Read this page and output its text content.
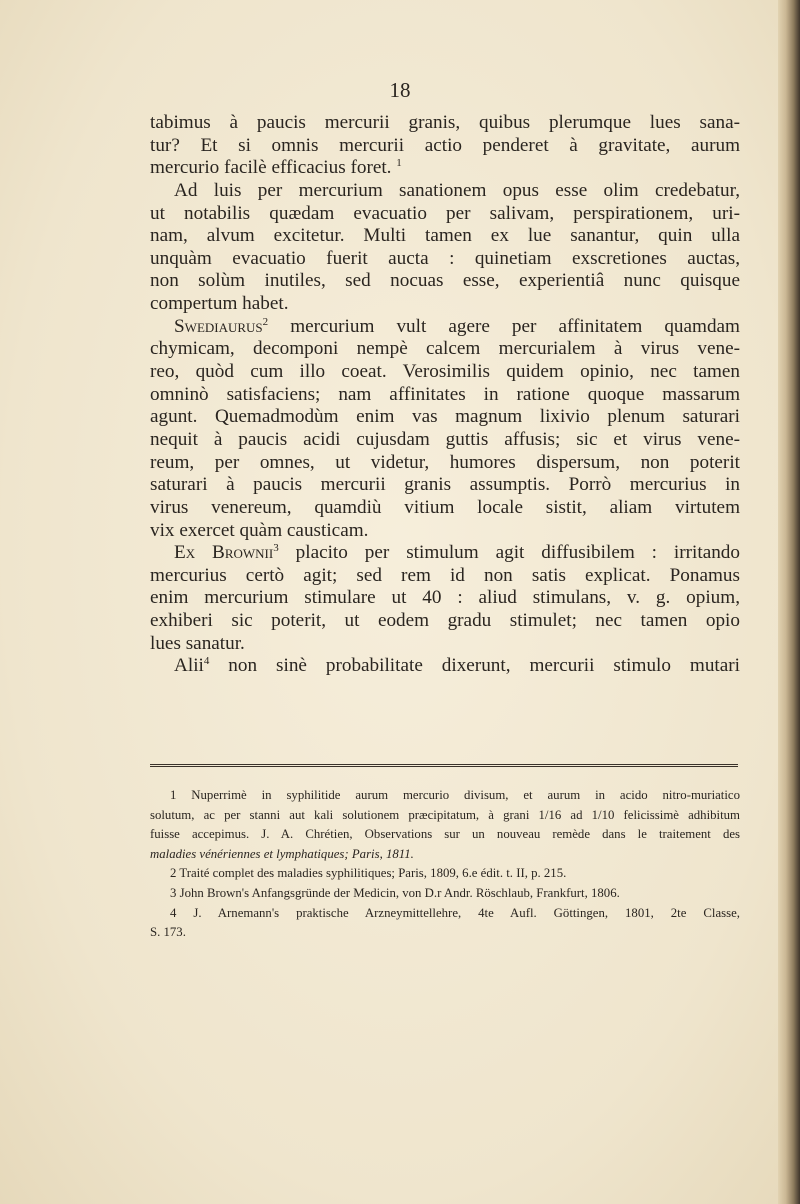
18
tabimus à paucis mercurii granis, quibus plerumque lues sana-
tur? Et si omnis mercurii actio penderet à gravitate, aurum
mercurio facilè efficacius foret. $^1$
Ad luis per mercurium sanationem opus esse olim credebatur,
ut notabilis quædam evacuatio per salivam, perspirationem, uri-
nam, alvum excitetur. Multi tamen ex lue sanantur, quin ulla
unquàm evacuatio fuerit aucta : quinetiam exscretiones auctas,
non solùm inutiles, sed nocuas esse, experientiâ nunc quisque
compertum habet.
Swediaurus$^2$ mercurium vult agere per affinitatem quamdam
chymicam, decomponi nempè calcem mercurialem à virus vene-
reo, quòd cum illo coeat. Verosimilis quidem opinio, nec tamen
omninò satisfaciens; nam affinitates in ratione quoque massarum
agunt. Quemadmodùm enim vas magnum lixivio plenum saturari
nequit à paucis acidi cujusdam guttis affusis; sic et virus vene-
reum, per omnes, ut videtur, humores dispersum, non poterit
saturari à paucis mercurii granis assumptis. Porrò mercurius in
virus venereum, quamdiù vitium locale sistit, aliam virtutem
vix exercet quàm causticam.
Ex Brownii$^3$ placito per stimulum agit diffusibilem : irritando
mercurius certò agit; sed rem id non satis explicat. Ponamus
enim mercurium stimulare ut 40 : aliud stimulans, v. g. opium,
exhiberi sic poterit, ut eodem gradu stimulet; nec tamen opio
lues sanatur.
Alii$^4$ non sinè probabilitate dixerunt, mercurii stimulo mutari
1 Nuperrimè in syphilitide aurum mercurio divisum, et aurum in acido nitro-muriatico
solutum, ac per stanni aut kali solutionem præcipitatum, à grani 1/16 ad 1/10 felicissimè adhibitum
fuisse accepimus. J. A. Chrétien, Observations sur un nouveau remède dans le traitement des
maladies vénériennes et lymphatiques; Paris, 1811.
2 Traité complet des maladies syphilitiques; Paris, 1809, 6.e édit. t. II, p. 215.
3 John Brown's Anfangsgründe der Medicin, von D.r Andr. Röschlaub, Frankfurt, 1806.
4 J. Arnemann's praktische Arzneymittellehre, 4te Aufl. Göttingen, 1801, 2te Classe,
S. 173.
